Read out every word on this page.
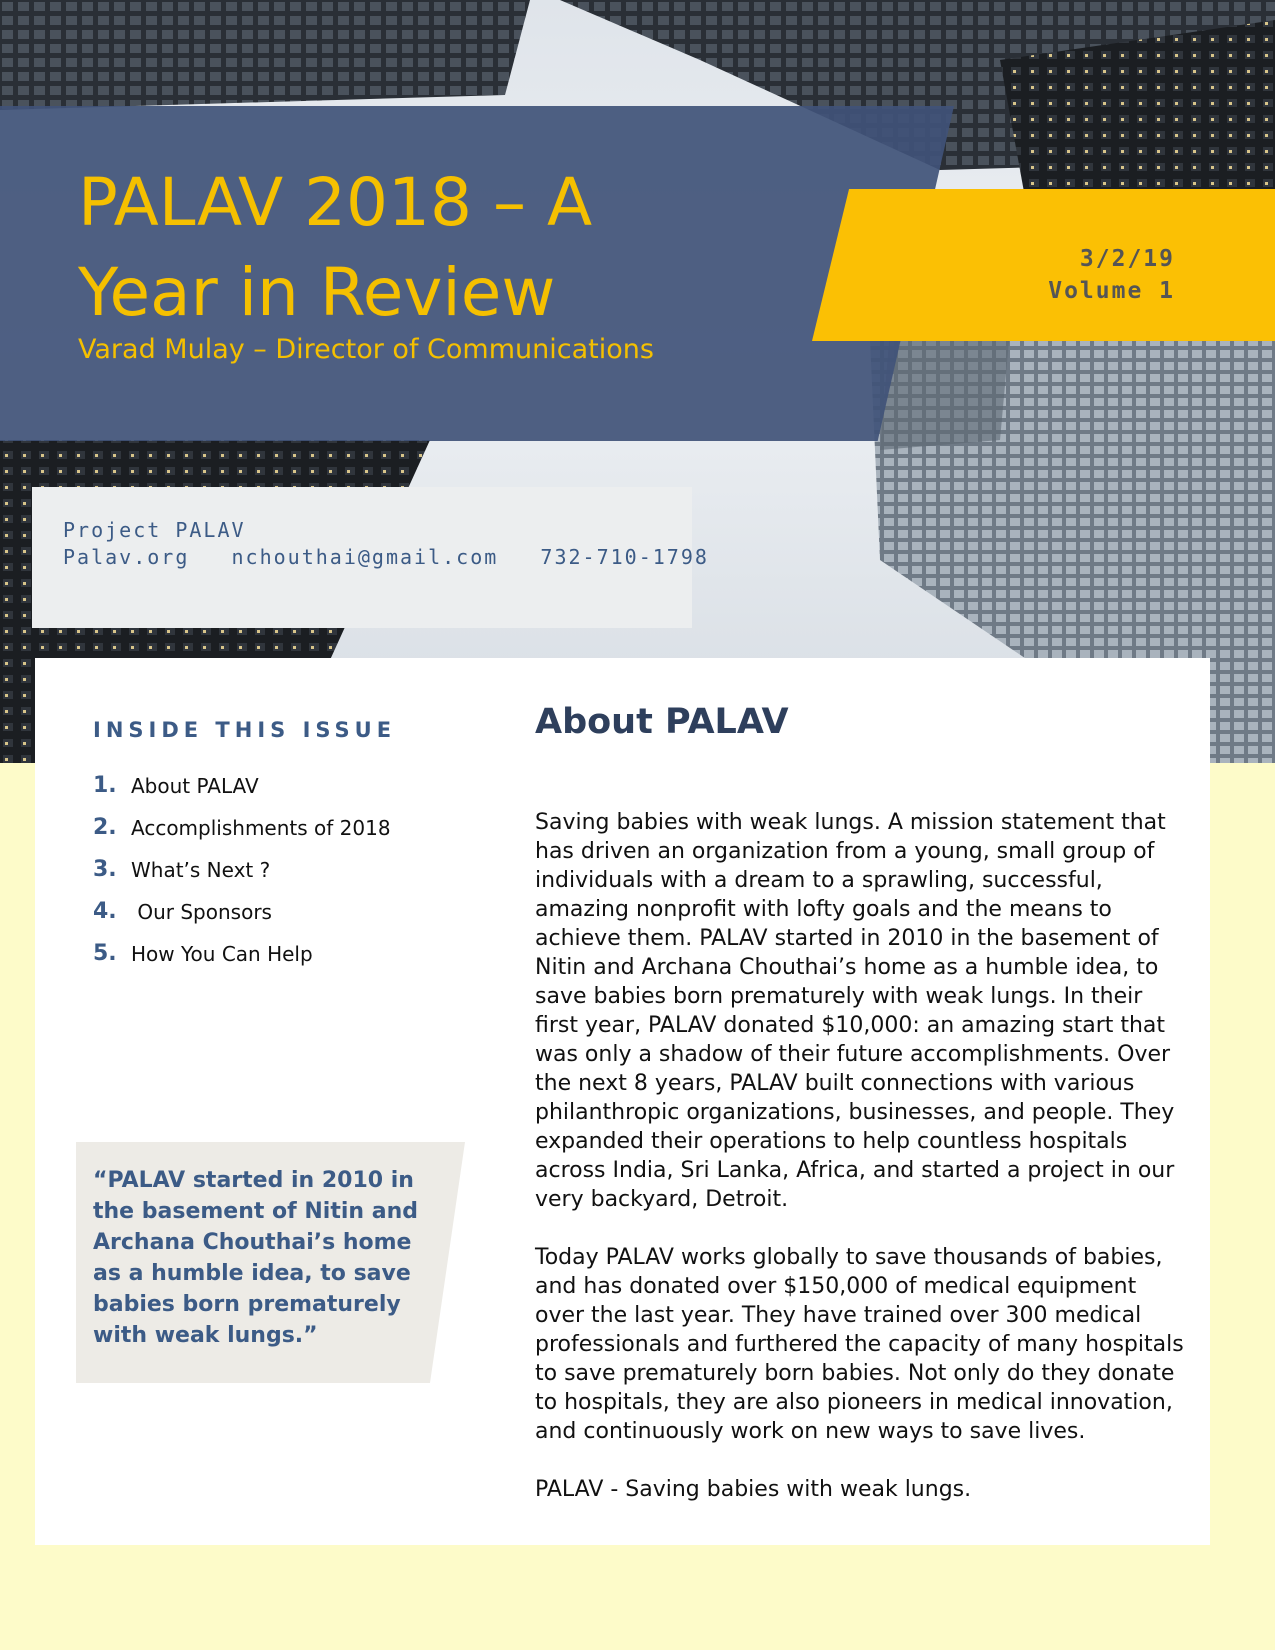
PALAV 2018 – A Year in Review
Varad Mulay – Director of Communications
3/2/19
Volume 1
Project PALAV
Palav.org nchouthai@gmail.com 732-710-1798
INSIDE THIS ISSUE
1. About PALAV
2. Accomplishments of 2018
3. What’s Next ?
4. Our Sponsors
5. How You Can Help
“PALAV started in 2010 in the basement of Nitin and Archana Chouthai’s home as a humble idea, to save babies born prematurely with weak lungs.”
About PALAV

Saving babies with weak lungs. A mission statement that has driven an organization from a young, small group of individuals with a dream to a sprawling, successful, amazing nonprofit with lofty goals and the means to achieve them. PALAV started in 2010 in the basement of Nitin and Archana Chouthai’s home as a humble idea, to save babies born prematurely with weak lungs. In their first year, PALAV donated $10,000: an amazing start that was only a shadow of their future accomplishments. Over the next 8 years, PALAV built connections with various philanthropic organizations, businesses, and people. They expanded their operations to help countless hospitals across India, Sri Lanka, Africa, and started a project in our very backyard, Detroit.

Today PALAV works globally to save thousands of babies, and has donated over $150,000 of medical equipment over the last year. They have trained over 300 medical professionals and furthered the capacity of many hospitals to save prematurely born babies. Not only do they donate to hospitals, they are also pioneers in medical innovation, and continuously work on new ways to save lives.

PALAV - Saving babies with weak lungs.
